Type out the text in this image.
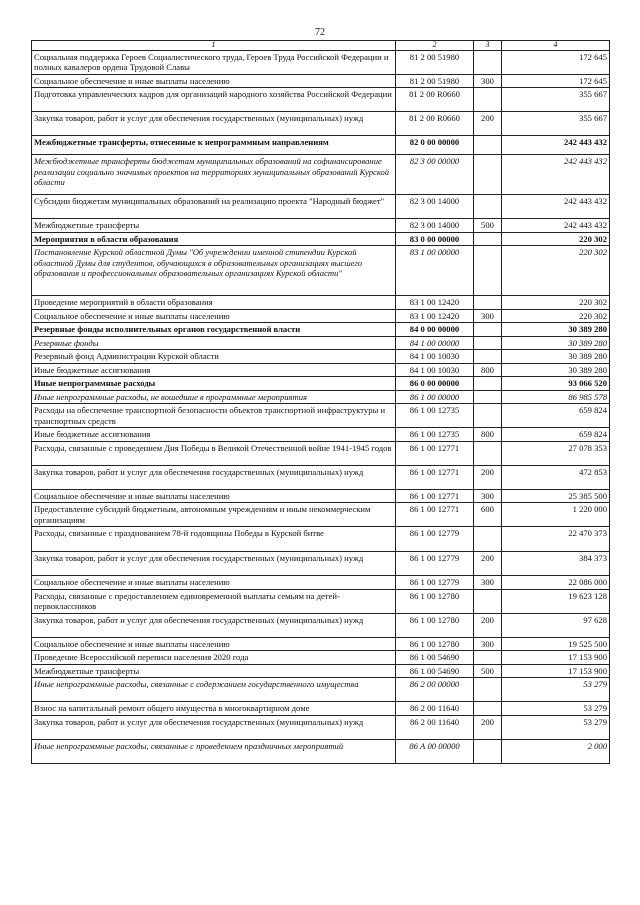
72
1	2	3	4
Социальная поддержка Героев Социалистического труда, Героев Труда Российской Федерации и полных кавалеров ордена Трудовой Славы	81 2 00 51980		172 645
Социальное обеспечение и иные выплаты населению	81 2 00 51980	300	172 645
Подготовка управленческих кадров для организаций народного хозяйства Российской Федерации	81 2 00 R0660		355 667
Закупка товаров, работ и услуг для обеспечения государственных (муниципальных) нужд	81 2 00 R0660	200	355 667
Межбюджетные трансферты, отнесенные к непрограммным направлениям	82 0 00 00000		242 443 432
Межбюджетные трансферты бюджетам муниципальных образований на софинансирование реализации социально значимых проектов на территориях муниципальных образований Курской области	82 3 00 00000		242 443 432
Субсидии бюджетам муниципальных образований на реализацию проекта "Народный бюджет"	82 3 00 14000		242 443 432
Межбюджетные трансферты	82 3 00 14000	500	242 443 432
Мероприятия в области образования	83 0 00 00000		220 302
Постановление Курской областной Думы "Об учреждении именной стипендии Курской областной Думы для студентов, обучающихся в образовательных организациях высшего образования и профессиональных образовательных организациях Курской области"	83 1 00 00000		220 302
Проведение мероприятий в области образования	83 1 00 12420		220 302
Социальное обеспечение и иные выплаты населению	83 1 00 12420	300	220 302
Резервные фонды исполнительных органов государственной власти	84 0 00 00000		30 389 280
Резервные фонды	84 1 00 00000		30 389 280
Резервный фонд Администрации Курской области	84 1 00 10030		30 389 280
Иные бюджетные ассигнования	84 1 00 10030	800	30 389 280
Иные непрограммные расходы	86 0 00 00000		93 066 520
Иные непрограммные расходы, не вошедшие в программные мероприятия	86 1 00 00000		86 985 578
Расходы на обеспечение транспортной безопасности объектов транспортной инфраструктуры и транспортных средств	86 1 00 12735		659 824
Иные бюджетные ассигнования	86 1 00 12735	800	659 824
Расходы, связанные с проведением Дня Победы в Великой Отечественной войне 1941-1945 годов	86 1 00 12771		27 078 353
Закупка товаров, работ и услуг для обеспечения государственных (муниципальных) нужд	86 1 00 12771	200	472 853
Социальное обеспечение и иные выплаты населению	86 1 00 12771	300	25 385 500
Предоставление субсидий бюджетным, автономным учреждениям и иным некоммерческим организациям	86 1 00 12771	600	1 220 000
Расходы, связанные с празднованием 78-й годовщины Победы в Курской битве	86 1 00 12779		22 470 373
Закупка товаров, работ и услуг для обеспечения государственных (муниципальных) нужд	86 1 00 12779	200	384 373
Социальное обеспечение и иные выплаты населению	86 1 00 12779	300	22 086 000
Расходы, связанные с предоставлением единовременной выплаты семьям на детей-первоклассников	86 1 00 12780		19 623 128
Закупка товаров, работ и услуг для обеспечения государственных (муниципальных) нужд	86 1 00 12780	200	97 628
Социальное обеспечение и иные выплаты населению	86 1 00 12780	300	19 525 500
Проведение Всероссийской переписи населения 2020 года	86 1 00 54690		17 153 900
Межбюджетные трансферты	86 1 00 54690	500	17 153 900
Иные непрограммные расходы, связанные с содержанием государственного имущества	86 2 00 00000		53 279
Взнос на капитальный ремонт общего имущества в многоквартирном доме	86 2 00 11640		53 279
Закупка товаров, работ и услуг для обеспечения государственных (муниципальных) нужд	86 2 00 11640	200	53 279
Иные непрограммные расходы, связанные с проведением праздничных мероприятий	86 А 00 00000		2 000
